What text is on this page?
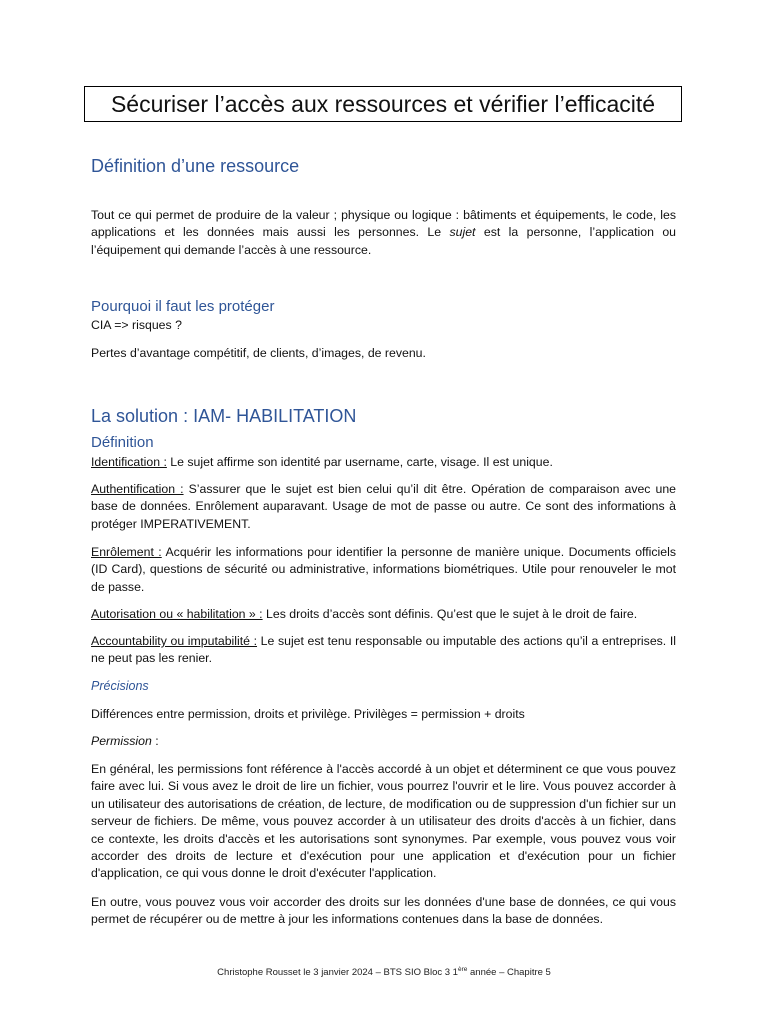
Sécuriser l’accès aux ressources et vérifier l’efficacité
Définition d’une ressource

Tout ce qui permet de produire de la valeur ; physique ou logique : bâtiments et équipements, le code, les applications et les données mais aussi les personnes. Le sujet est la personne, l’application ou l’équipement qui demande l’accès à une ressource.

Pourquoi il faut les protéger

CIA => risques ?

Pertes d’avantage compétitif, de clients, d’images, de revenu.

La solution : IAM- HABILITATION
Définition

Identification : Le sujet affirme son identité par username, carte, visage. Il est unique.

Authentification : S’assurer que le sujet est bien celui qu’il dit être. Opération de comparaison avec une base de données. Enrôlement auparavant. Usage de mot de passe ou autre. Ce sont des informations à protéger IMPERATIVEMENT.

Enrôlement : Acquérir les informations pour identifier la personne de manière unique. Documents officiels (ID Card), questions de sécurité ou administrative, informations biométriques. Utile pour renouveler le mot de passe.

Autorisation ou « habilitation » : Les droits d’accès sont définis. Qu’est que le sujet à le droit de faire.

Accountability ou imputabilité : Le sujet est tenu responsable ou imputable des actions qu’il a entreprises. Il ne peut pas les renier.

Précisions

Différences entre permission, droits et privilège. Privilèges = permission + droits

Permission :

En général, les permissions font référence à l'accès accordé à un objet et déterminent ce que vous pouvez faire avec lui. Si vous avez le droit de lire un fichier, vous pourrez l'ouvrir et le lire. Vous pouvez accorder à un utilisateur des autorisations de création, de lecture, de modification ou de suppression d'un fichier sur un serveur de fichiers. De même, vous pouvez accorder à un utilisateur des droits d'accès à un fichier, dans ce contexte, les droits d'accès et les autorisations sont synonymes. Par exemple, vous pouvez vous voir accorder des droits de lecture et d'exécution pour une application et d'exécution pour un fichier d'application, ce qui vous donne le droit d'exécuter l'application.

En outre, vous pouvez vous voir accorder des droits sur les données d'une base de données, ce qui vous permet de récupérer ou de mettre à jour les informations contenues dans la base de données.

Christophe Rousset le 3 janvier 2024 – BTS SIO Bloc 3 1ère année – Chapitre 5
